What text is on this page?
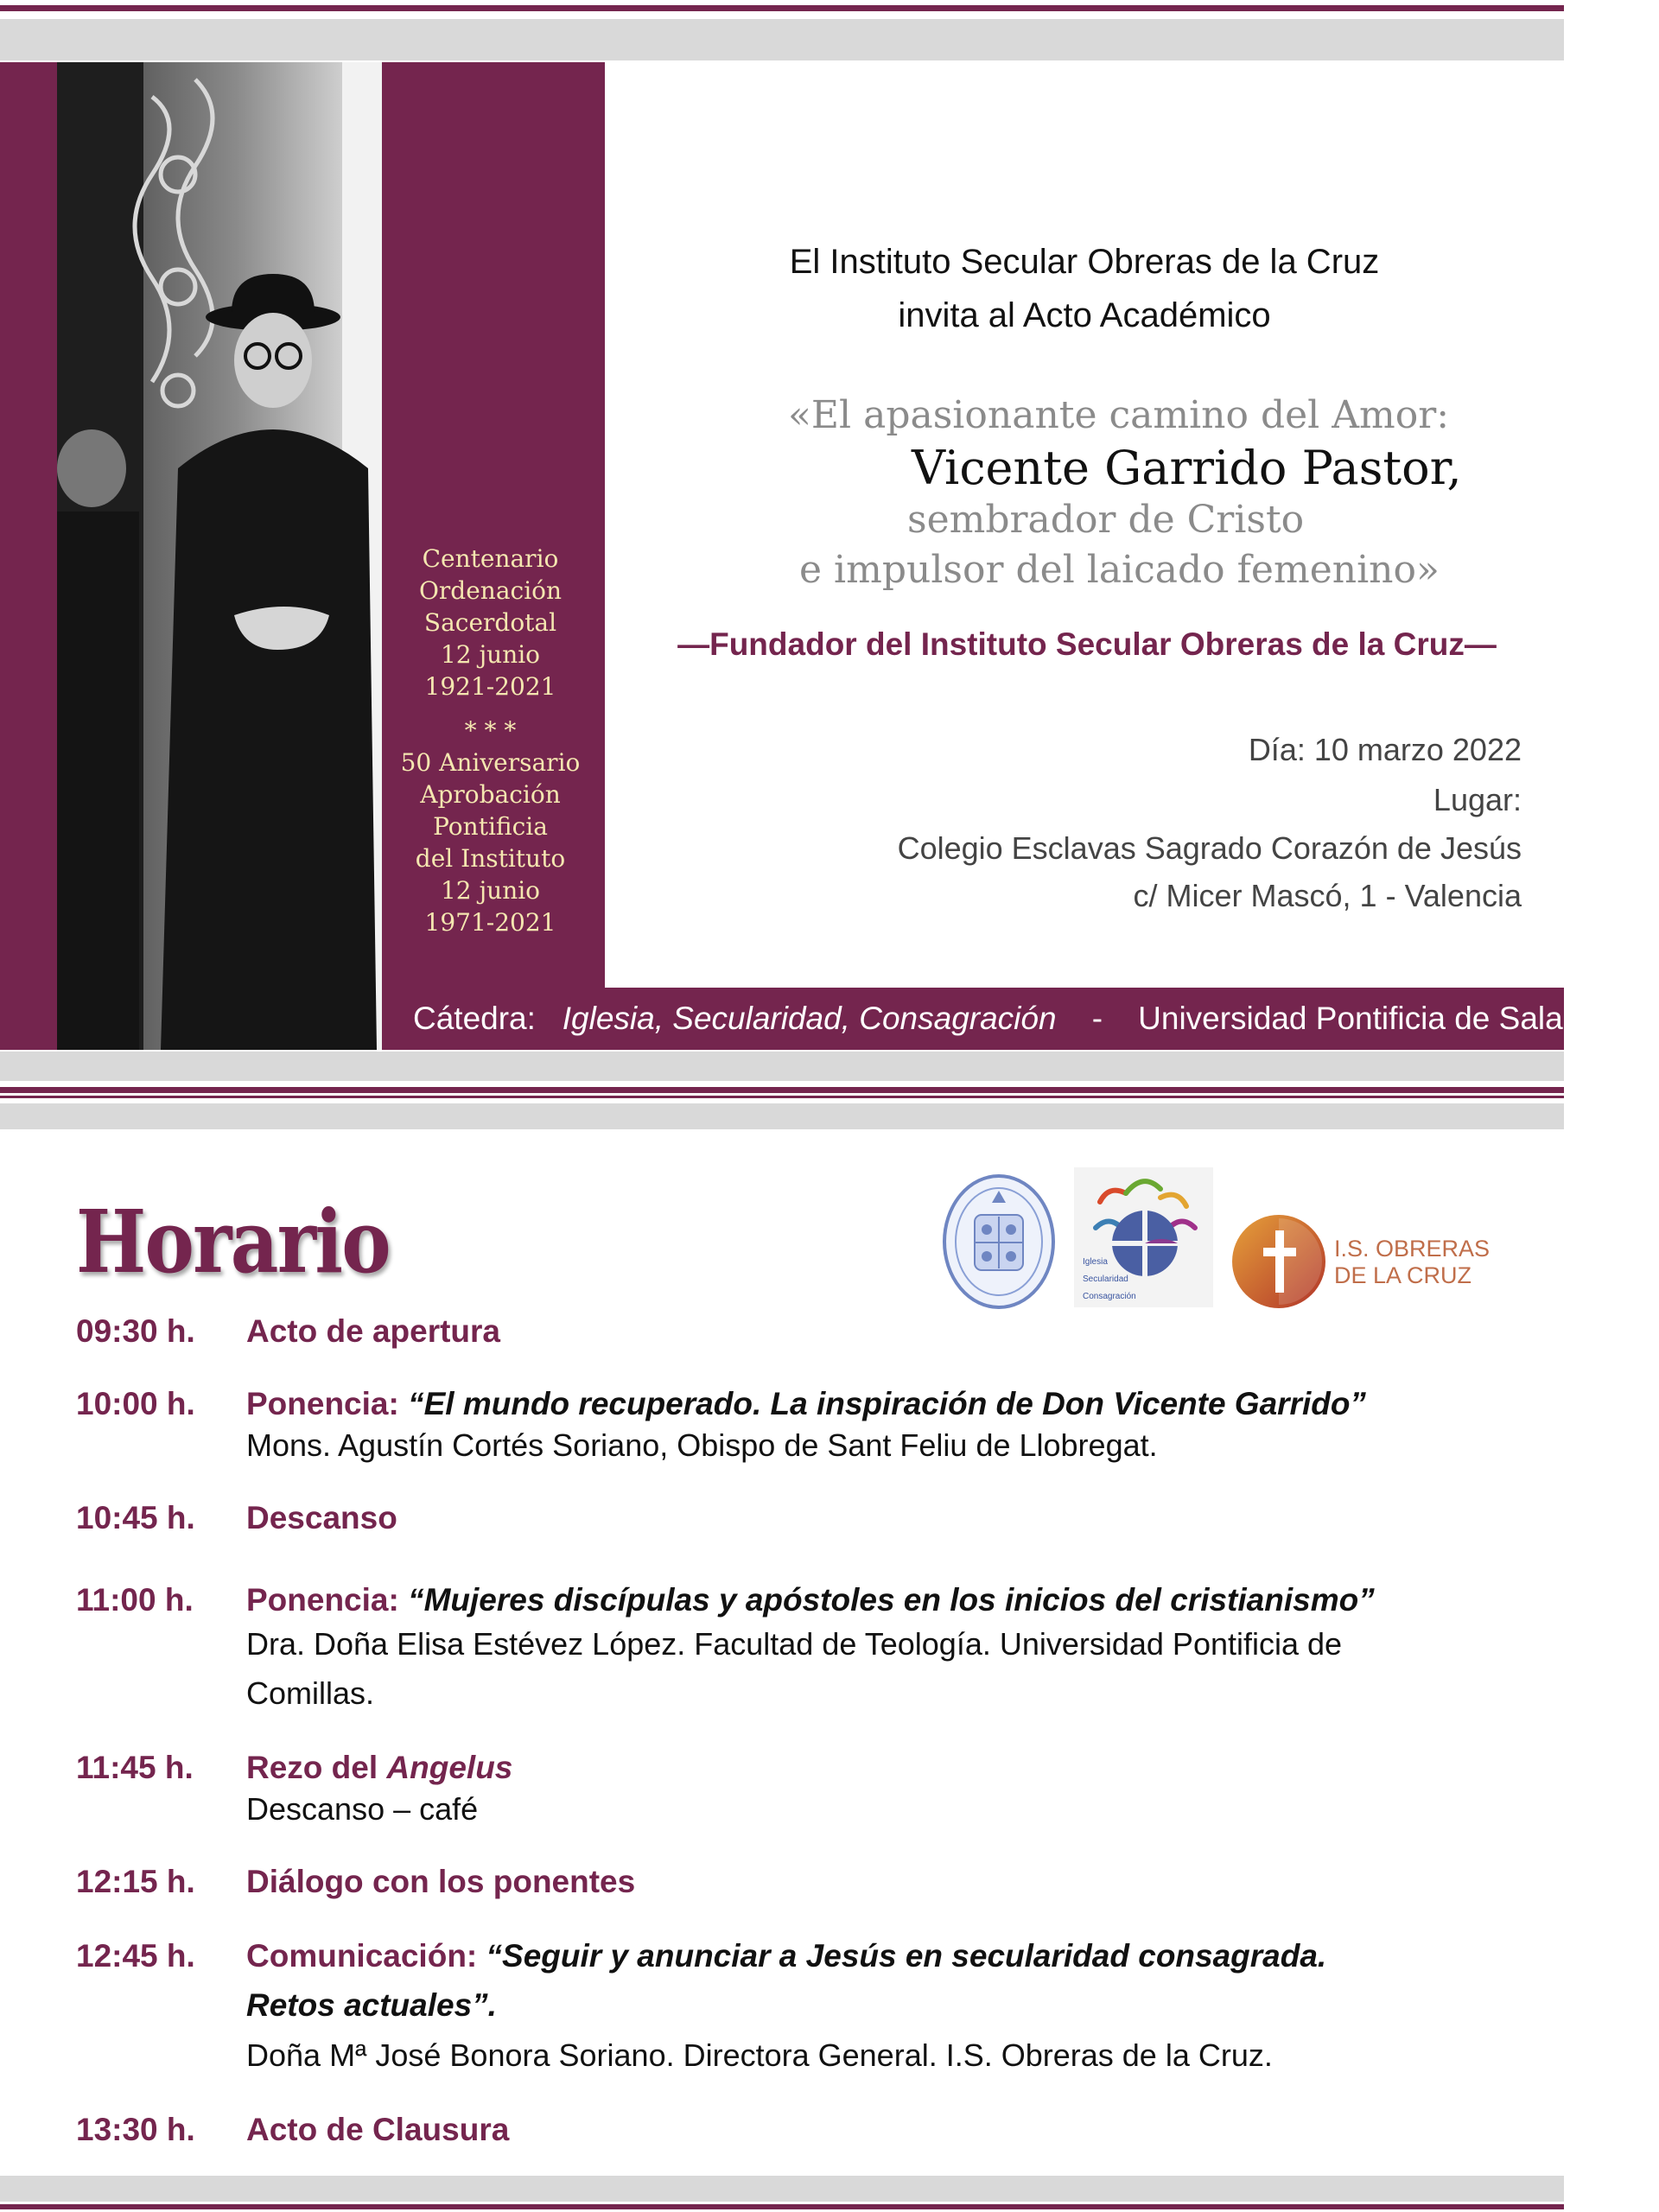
Centenario
Ordenación
Sacerdotal
12 junio
1921-2021
* * *
50 Aniversario
Aprobación
Pontificia
del Instituto
12 junio
1971-2021
El Instituto Secular Obreras de la Cruz
invita al Acto Académico
«El apasionante camino del Amor:
Vicente Garrido Pastor,
sembrador de Cristo
e impulsor del laicado femenino»
—Fundador del Instituto Secular Obreras de la Cruz—
Día: 10 marzo 2022
Lugar:
Colegio Esclavas Sagrado Corazón de Jesús
c/ Micer Mascó, 1 - Valencia
Cátedra: Iglesia, Secularidad, Consagración - Universidad Pontificia de Salamanca
Iglesia
Secularidad
Consagración
I.S. OBRERAS
DE LA CRUZ
Horario
09:30 h. Acto de apertura
10:00 h. Ponencia: “El mundo recuperado. La inspiración de Don Vicente Garrido”
Mons. Agustín Cortés Soriano, Obispo de Sant Feliu de Llobregat.
10:45 h. Descanso
11:00 h. Ponencia: “Mujeres discípulas y apóstoles en los inicios del cristianismo”
Dra. Doña Elisa Estévez López. Facultad de Teología. Universidad Pontificia de
Comillas.
11:45 h. Rezo del Angelus
Descanso – café
12:15 h. Diálogo con los ponentes
12:45 h. Comunicación: “Seguir y anunciar a Jesús en secularidad consagrada.
Retos actuales”.
Doña Mª José Bonora Soriano. Directora General. I.S. Obreras de la Cruz.
13:30 h. Acto de Clausura
